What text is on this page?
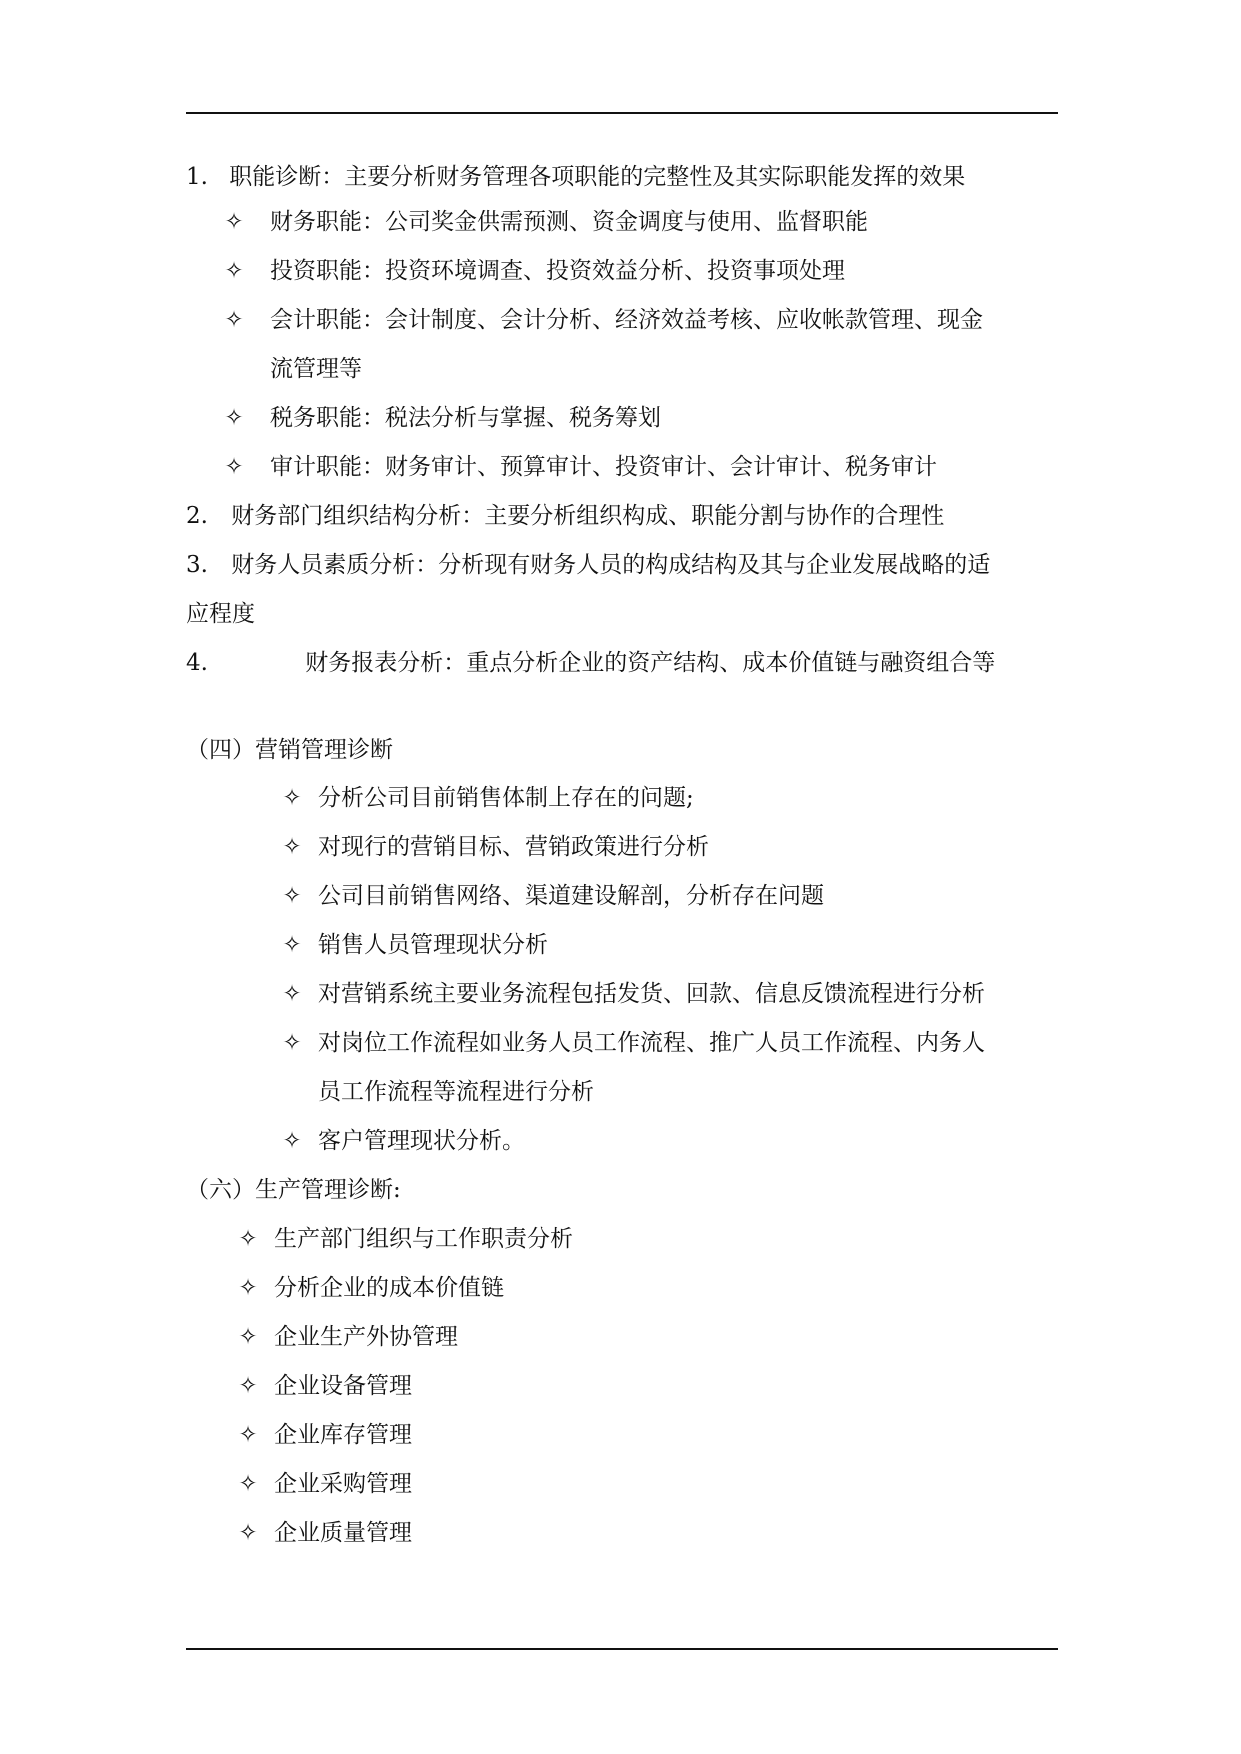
1. 职能诊断：主要分析财务管理各项职能的完整性及其实际职能发挥的效果
✧ 财务职能：公司奖金供需预测、资金调度与使用、监督职能
✧ 投资职能：投资环境调查、投资效益分析、投资事项处理
✧ 会计职能：会计制度、会计分析、经济效益考核、应收帐款管理、现金
流管理等
✧ 税务职能：税法分析与掌握、税务筹划
✧ 审计职能：财务审计、预算审计、投资审计、会计审计、税务审计
2. 财务部门组织结构分析：主要分析组织构成、职能分割与协作的合理性
3. 财务人员素质分析：分析现有财务人员的构成结构及其与企业发展战略的适
应程度
4.	财务报表分析：重点分析企业的资产结构、成本价值链与融资组合等
（四）营销管理诊断
✧ 分析公司目前销售体制上存在的问题;
✧ 对现行的营销目标、营销政策进行分析
✧ 公司目前销售网络、渠道建设解剖，分析存在问题
✧ 销售人员管理现状分析
✧ 对营销系统主要业务流程包括发货、回款、信息反馈流程进行分析
✧ 对岗位工作流程如业务人员工作流程、推广人员工作流程、内务人
员工作流程等流程进行分析
✧ 客户管理现状分析。
（六）生产管理诊断:
✧ 生产部门组织与工作职责分析
✧ 分析企业的成本价值链
✧ 企业生产外协管理
✧ 企业设备管理
✧ 企业库存管理
✧ 企业采购管理
✧ 企业质量管理
